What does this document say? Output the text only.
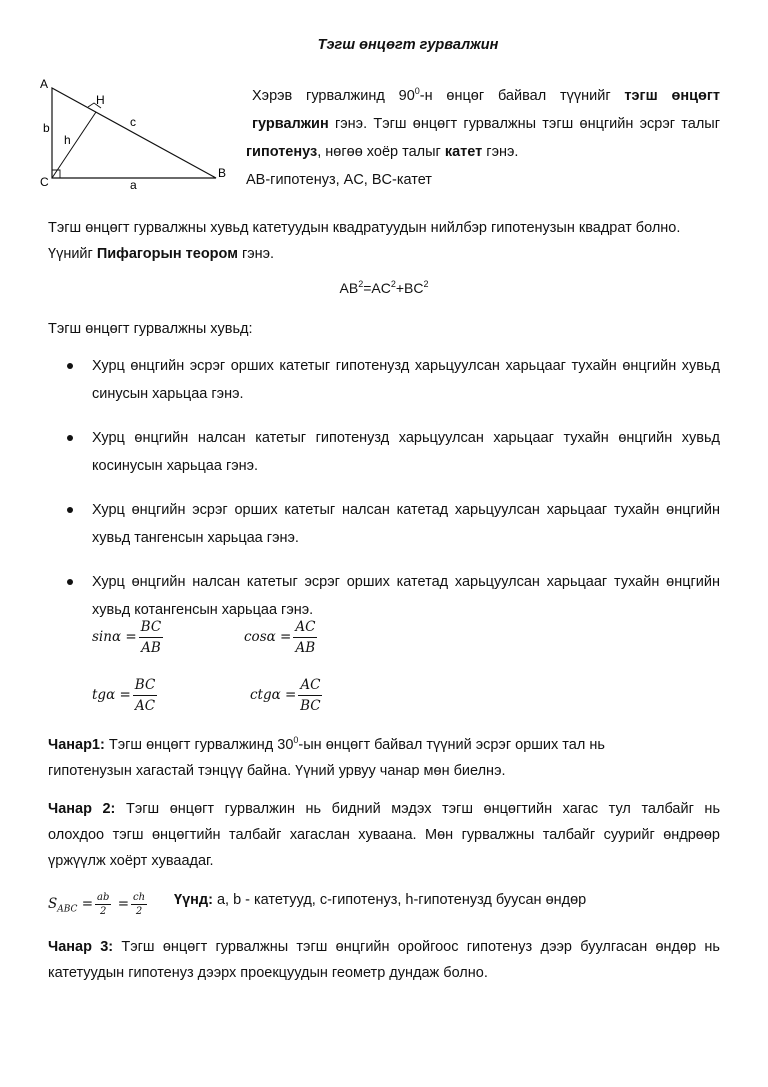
Тэгш өнцөгт гурвалжин
A
B
C
H
a
b	c
h

Хэрэв гурвалжинд $90^0-н$ өнцөг байвал түүнийг тэгш өнцөгт гурвалжин гэнэ. Тэгш өнцөгт гурвалжны тэгш өнцгийн эсрэг талыг

гипотенуз, нөгөө хоёр талыг катет гэнэ.

AB-гипотенуз, AC, BC-катет

Тэгш өнцөгт гурвалжны хувьд катетуудын квадратуудын нийлбэр гипотенузын квадрат болно.
Үүнийг Пифагорын теором гэнэ.
$AB^2=AC^2+BC^2$
Тэгш өнцөгт гурвалжны хувьд:
Хурц өнцгийн эсрэг орших катетыг гипотенузд харьцуулсан харьцааг тухайн өнцгийн хувьд синусын харьцаа гэнэ.
Хурц өнцгийн налсан катетыг гипотенузд харьцуулсан харьцааг тухайн өнцгийн хувьд косинусын харьцаа гэнэ.
Хурц өнцгийн эсрэг орших катетыг налсан катетад харьцуулсан харьцааг тухайн өнцгийн хувьд тангенсын харьцаа гэнэ.
Хурц өнцгийн налсан катетыг эсрэг орших катетад харьцуулсан харьцааг тухайн өнцгийн хувьд котангенсын харьцаа гэнэ.
$\sin\alpha = \frac{BC}{AB}$	$\cos\alpha = \frac{AC}{AB}$
$tg\alpha = \frac{BC}{AC}$	$ctg\alpha = \frac{AC}{BC}$
Чанар1: Тэгш өнцөгт гурвалжинд $30^0-ын$ өнцөгт байвал түүний эсрэг орших тал нь
гипотенузын хагастай тэнцүү байна. Үүний урвуу чанар мөн биелнэ.
Чанар 2: Тэгш өнцөгт гурвалжин нь бидний мэдэх тэгш өнцөгтийн хагас тул талбайг нь
олохдоо тэгш өнцөгтийн талбайг хагаслан хуваана. Мөн гурвалжны талбайг суурийг өндрөөр
үржүүлж хоёрт хуваадаг.
$S_{ABC} = \frac{ab}{2} = \frac{ch}{2}$ Үүнд: a, b - катетууд, c-гипотенуз, h-гипотенузд буусан өндөр
Чанар 3: Тэгш өнцөгт гурвалжны тэгш өнцгийн оройгоос гипотенуз дээр буулгасан өндөр нь
катетуудын гипотенуз дээрх проекцуудын геометр дундаж болно.
